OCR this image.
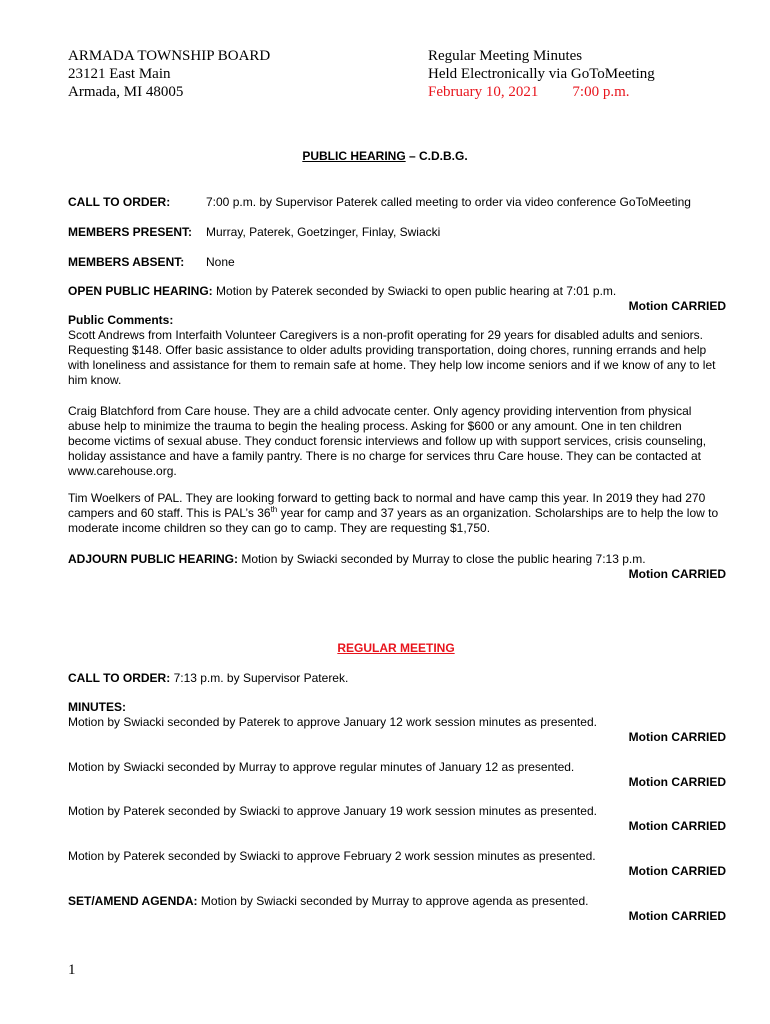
ARMADA TOWNSHIP BOARD
23121 East Main
Armada, MI 48005
Regular Meeting Minutes
Held Electronically via GoToMeeting
February 10, 2021 7:00 p.m.
PUBLIC HEARING – C.D.B.G.
CALL TO ORDER:	7:00 p.m. by Supervisor Paterek called meeting to order via video conference GoToMeeting
MEMBERS PRESENT: Murray, Paterek, Goetzinger, Finlay, Swiacki
MEMBERS ABSENT: None
OPEN PUBLIC HEARING: Motion by Paterek seconded by Swiacki to open public hearing at 7:01 p.m.
Motion CARRIED
Public Comments:

Scott Andrews from Interfaith Volunteer Caregivers is a non-profit operating for 29 years for disabled adults and seniors. Requesting $148. Offer basic assistance to older adults providing transportation, doing chores, running errands and help with loneliness and assistance for them to remain safe at home. They help low income seniors and if we know of any to let him know.

Craig Blatchford from Care house. They are a child advocate center. Only agency providing intervention from physical abuse help to minimize the trauma to begin the healing process. Asking for $600 or any amount. One in ten children become victims of sexual abuse. They conduct forensic interviews and follow up with support services, crisis counseling, holiday assistance and have a family pantry. There is no charge for services thru Care house. They can be contacted at www.carehouse.org.

Tim Woelkers of PAL. They are looking forward to getting back to normal and have camp this year. In 2019 they had 270 campers and 60 staff. This is PAL’s 36th year for camp and 37 years as an organization. Scholarships are to help the low to moderate income children so they can go to camp. They are requesting $1,750.

ADJOURN PUBLIC HEARING: Motion by Swiacki seconded by Murray to close the public hearing 7:13 p.m.
Motion CARRIED
REGULAR MEETING
CALL TO ORDER: 7:13 p.m. by Supervisor Paterek.
MINUTES:
Motion by Swiacki seconded by Paterek to approve January 12 work session minutes as presented.
Motion CARRIED
Motion by Swiacki seconded by Murray to approve regular minutes of January 12 as presented.
Motion CARRIED
Motion by Paterek seconded by Swiacki to approve January 19 work session minutes as presented.
Motion CARRIED
Motion by Paterek seconded by Swiacki to approve February 2 work session minutes as presented.
Motion CARRIED
SET/AMEND AGENDA: Motion by Swiacki seconded by Murray to approve agenda as presented.
Motion CARRIED
1
